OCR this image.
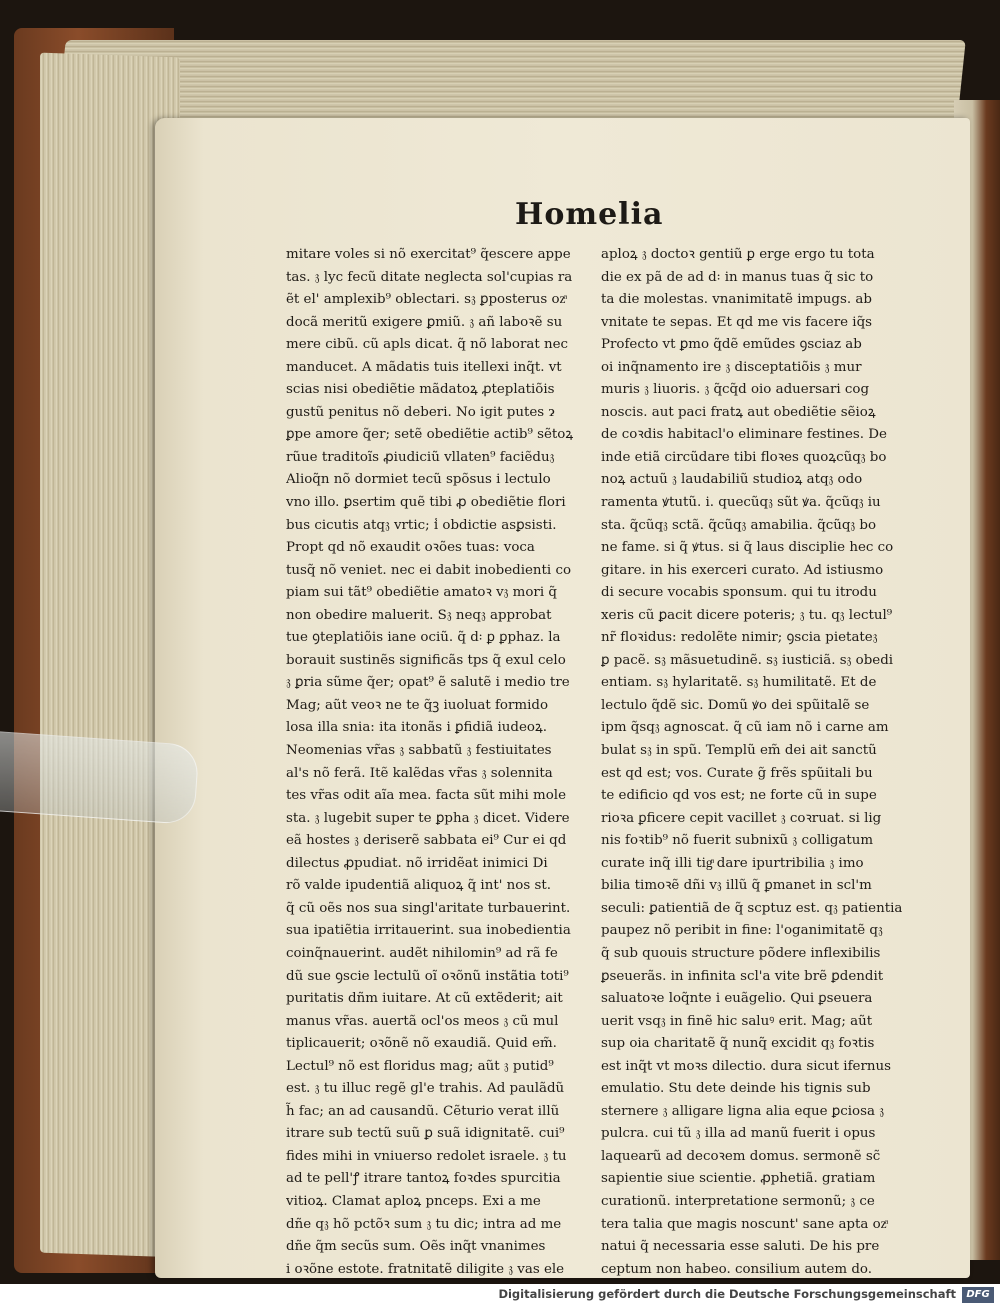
Homelia
mitare voles si nõ exercitat⁹ q̃escere appe
tas. 𝔷 lyc fecũ ditate neglecta sol'cupias ra
ẽt el' amplexib⁹ oblectari. s𝔷 ꝑposterus ozͣ
docã meritũ exigere ꝑmiũ. 𝔷 añ laboꝛẽ su
mere cibũ. cũ apls dicat. q̃ nõ laborat nec
manducet. A mãdatis tuis itellexi inq̃t. vt
scias nisi obediẽtie mãdatoꝝ ꝓteplatiõis
gustũ penitus nõ deberi. No igit putes ɂ
ꝑpe amore q̃er; setẽ obediẽtie actib⁹ sẽtoꝝ
rũue traditoĩs ꝓiudiciũ vllaten⁹ faciẽdu𝔷
Alioq̃n nõ dormiet tecũ spõsus i lectulo
vno illo. ꝑsertim quẽ tibi ꝓ obediẽtie flori
bus cicutis atq𝔷 vrtic; i̾ obdictie asꝑsisti.
Propt qd nõ exaudit oꝛões tuas: voca
tusq̃ nõ veniet. nec ei dabit inobedienti co
piam sui tãt⁹ obediẽtie amatoꝛ v𝔷 mori q̃
non obedire maluerit. S𝔷 neq𝔷 approbat
tue ꝯteplatiõis iane ociũ. q̃ d꞉ ꝑ ꝑphaz. la
borauit sustinẽs significãs tps q̃ exul celo
𝔷 ꝑria sũme q̃er; opat⁹ ẽ salutẽ i medio tre
Mag; aũt veoꝛ ne te q̃ꝫ iuoluat formido
losa illa snia: ita itonãs i ꝑfidiã iudeoꝝ.
Neomenias vr̃as 𝔷 sabbatũ 𝔷 festiuitates
al's nõ ferã. Itẽ kalẽdas vr̃as 𝔷 solennita
tes vr̃as odit aĩa mea. facta sũt mihi mole
sta. 𝔷 lugebit super te ꝑpha 𝔷 dicet. Videre
eã hostes 𝔷 deriserẽ sabbata ei⁹ Cur ei qd
dilectus ꝓpudiat. nõ irridẽat inimici Di
rõ valde ipudentiã aliquoꝝ q̃ int' nos st.
q̃ cũ oẽs nos sua singl'aritate turbauerint.
sua ipatiẽtia irritauerint. sua inobedientia
coinq̃nauerint. audẽt nihilomin⁹ ad rã fe
dũ sue ꝯscie lectulũ oĩ oꝛõnũ instãtia toti⁹
puritatis dñm iuitare. At cũ extẽderit; ait
manus vr̃as. auertã ocl'os meos 𝔷 cũ mul
tiplicauerit; oꝛõnẽ nõ exaudiã. Quid em̃.
Lectul⁹ nõ est floridus mag; aũt 𝔷 putid⁹
est. 𝔷 tu illuc regẽ gl'e trahis. Ad paulãdũ
h̃ fac; an ad causandũ. Cẽturio verat illũ
itrare sub tectũ suũ ꝑ suã idignitatẽ. cui⁹
fides mihi in vniuerso redolet israele. 𝔷 tu
ad te pell'ꝭ itrare tantoꝝ foꝛdes spurcitia
vitioꝝ. Clamat aploꝝ pnceps. Exi a me
dñe q𝔷 hõ pctõꝛ sum 𝔷 tu dic; intra ad me
dñe q̃m secũs sum. Oẽs inq̃t vnanimes
i oꝛõne estote. fratnitatẽ diligite 𝔷 vas ele
aploꝝ 𝔷 doctoꝛ gentiũ ꝑ erge ergo tu tota
die ex pã de ad d꞉ in manus tuas q̃ sic to
ta die molestas. vnanimitatẽ impugs. ab
vnitate te sepas. Et qd me vis facere iq̃s
Profecto vt ꝑmo q̃dẽ emũdes ꝯsciaz ab
oi inq̃namento ire 𝔷 disceptatiõis 𝔷 mur
muris 𝔷 liuoris. 𝔷 q̃cq̃d oio aduersari cog
noscis. aut paci fratꝝ aut obediẽtie sẽioꝝ
de coꝛdis habitacl'o eliminare festines. De
inde etiã circũdare tibi floꝛes quoꝝcũq𝔷 bo
noꝝ actuũ 𝔷 laudabiliũ studioꝝ atq𝔷 odo
ramenta ꝟtutũ. i. quecũq𝔷 sũt ꝟa. q̃cũq𝔷 iu
sta. q̃cũq𝔷 sctã. q̃cũq𝔷 amabilia. q̃cũq𝔷 bo
ne fame. si q̃ ꝟtus. si q̃ laus disciplie hec co
gitare. in his exerceri curato. Ad istiusmo
di secure vocabis sponsum. qui tu itrodu
xeris cũ ꝑacit dicere poteris; 𝔷 tu. q𝔷 lectul⁹
nr̃ floꝛidus: redolẽte nimir; ꝯscia pietate𝔷
ꝑ pacẽ. s𝔷 mãsuetudinẽ. s𝔷 iusticiã. s𝔷 obedi
entiam. s𝔷 hylaritatẽ. s𝔷 humilitatẽ. Et de
lectulo q̃dẽ sic. Domũ ꝟo dei spũitalẽ se
ipm q̃sq𝔷 agnoscat. q̃ cũ iam nõ i carne am
bulat s𝔷 in spũ. Templũ em̃ dei ait sanctũ
est qd est; vos. Curate g̃ frẽs spũitali bu
te edificio qd vos est; ne forte cũ in supe
rioꝛa ꝑficere cepit vacillet 𝔷 coꝛruat. si lig
nis foꝛtib⁹ nõ fuerit subnixũ 𝔷 colligatum
curate inq̃ illi tigͣ dare ipurtribilia 𝔷 imo
bilia timoꝛẽ dñi v𝔷 illũ q̃ ꝑmanet in scl'm
seculi: ꝑatientiã de q̃ scptuz est. q𝔷 patientia
paupez nõ peribit in fine: l'oganimitatẽ q𝔷
q̃ sub quouis structure põdere inflexibilis
ꝑseuerãs. in infinita scl'a vite brẽ ꝑdendit
saluatoꝛe loq̃nte i euãgelio. Qui ꝑseuera
uerit vsq𝔷 in finẽ hic saluꝰ erit. Mag; aũt
sup oia charitatẽ q̃ nunq̃ excidit q𝔷 foꝛtis
est inq̃t vt moꝛs dilectio. dura sicut ifernus
emulatio. Stu dete deinde his tignis sub
sternere 𝔷 alligare ligna alia eque ꝑciosa 𝔷
pulcra. cui tũ 𝔷 illa ad manũ fuerit i opus
laquearũ ad decoꝛem domus. sermonẽ sc̃
sapientie siue scientie. ꝓphetiã. gratiam
curationũ. interpretatione sermonũ; 𝔷 ce
tera talia que magis noscunt' sane apta ozͣ
natui q̃ necessaria esse saluti. De his pre
ceptum non habeo. consilium autem do.
Digitalisierung gefördert durch die Deutsche Forschungsgemeinschaft	DFG
